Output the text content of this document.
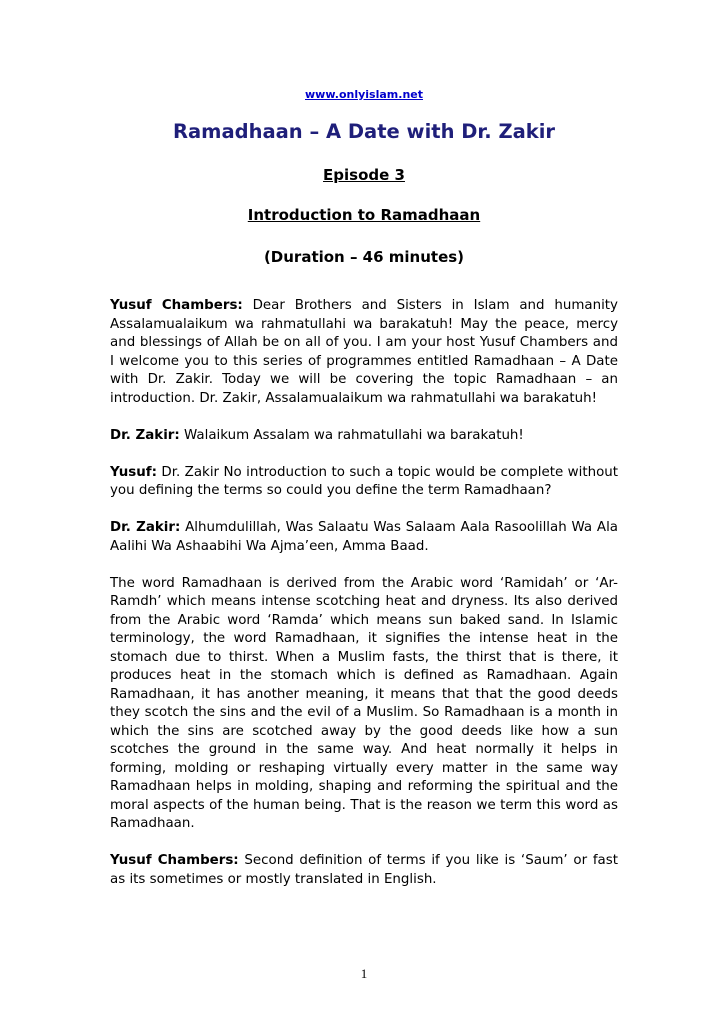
www.onlyislam.net
Ramadhaan – A Date with Dr. Zakir
Episode 3
Introduction to Ramadhaan
(Duration – 46 minutes)

Yusuf Chambers: Dear Brothers and Sisters in Islam and humanity Assalamualaikum wa rahmatullahi wa barakatuh! May the peace, mercy and blessings of Allah be on all of you. I am your host Yusuf Chambers and I welcome you to this series of programmes entitled Ramadhaan – A Date with Dr. Zakir. Today we will be covering the topic Ramadhaan – an introduction. Dr. Zakir, Assalamualaikum wa rahmatullahi wa barakatuh!

Dr. Zakir: Walaikum Assalam wa rahmatullahi wa barakatuh!

Yusuf: Dr. Zakir No introduction to such a topic would be complete without you defining the terms so could you define the term Ramadhaan?

Dr. Zakir: Alhumdulillah, Was Salaatu Was Salaam Aala Rasoolillah Wa Ala Aalihi Wa Ashaabihi Wa Ajma’een, Amma Baad.

The word Ramadhaan is derived from the Arabic word ‘Ramidah’ or ‘Ar-Ramdh’ which means intense scotching heat and dryness. Its also derived from the Arabic word ‘Ramda’ which means sun baked sand. In Islamic terminology, the word Ramadhaan, it signifies the intense heat in the stomach due to thirst. When a Muslim fasts, the thirst that is there, it produces heat in the stomach which is defined as Ramadhaan. Again Ramadhaan, it has another meaning, it means that that the good deeds they scotch the sins and the evil of a Muslim. So Ramadhaan is a month in which the sins are scotched away by the good deeds like how a sun scotches the ground in the same way. And heat normally it helps in forming, molding or reshaping virtually every matter in the same way Ramadhaan helps in molding, shaping and reforming the spiritual and the moral aspects of the human being. That is the reason we term this word as Ramadhaan.

Yusuf Chambers: Second definition of terms if you like is ‘Saum’ or fast as its sometimes or mostly translated in English.

1
